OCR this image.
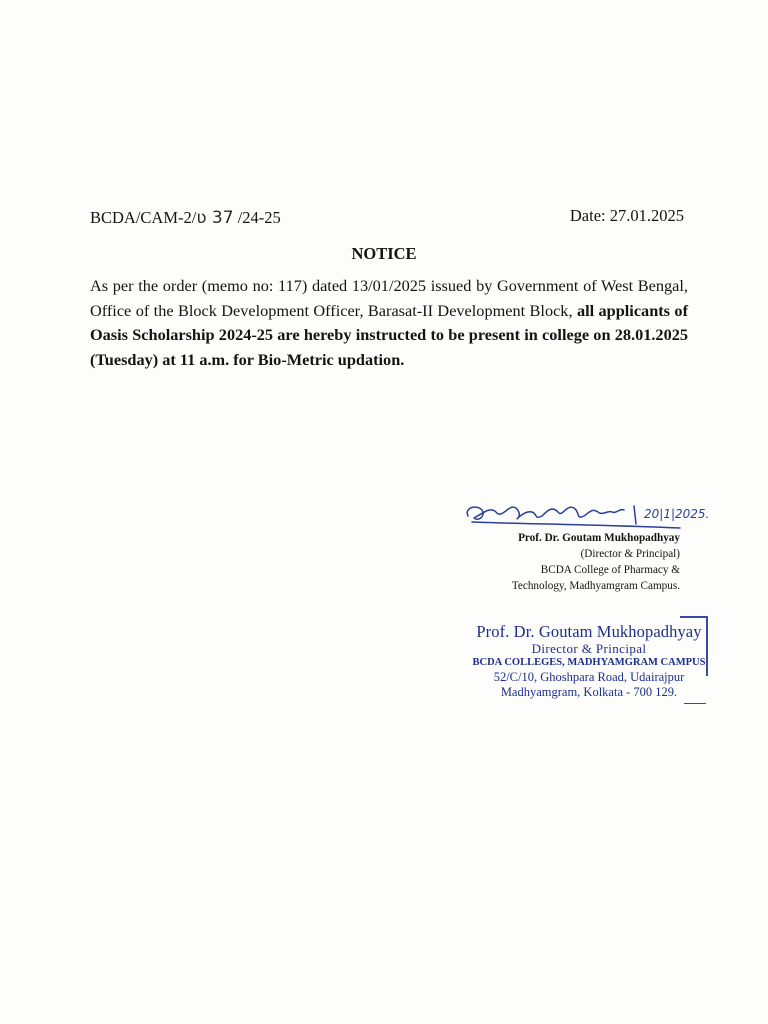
BCDA/CAM-2/ʋ 37 /24-25	Date: 27.01.2025
NOTICE
As per the order (memo no: 117) dated 13/01/2025 issued by Government of West Bengal, Office of the Block Development Officer, Barasat-II Development Block, all applicants of Oasis Scholarship 2024-25 are hereby instructed to be present in college on 28.01.2025 (Tuesday) at 11 a.m. for Bio-Metric updation.
20|1|2025.
Prof. Dr. Goutam Mukhopadhyay
(Director & Principal)
BCDA College of Pharmacy &
Technology, Madhyamgram Campus.
Prof. Dr. Goutam Mukhopadhyay
Director & Principal
BCDA COLLEGES, MADHYAMGRAM CAMPUS
52/C/10, Ghoshpara Road, Udairajpur
Madhyamgram, Kolkata - 700 129.
